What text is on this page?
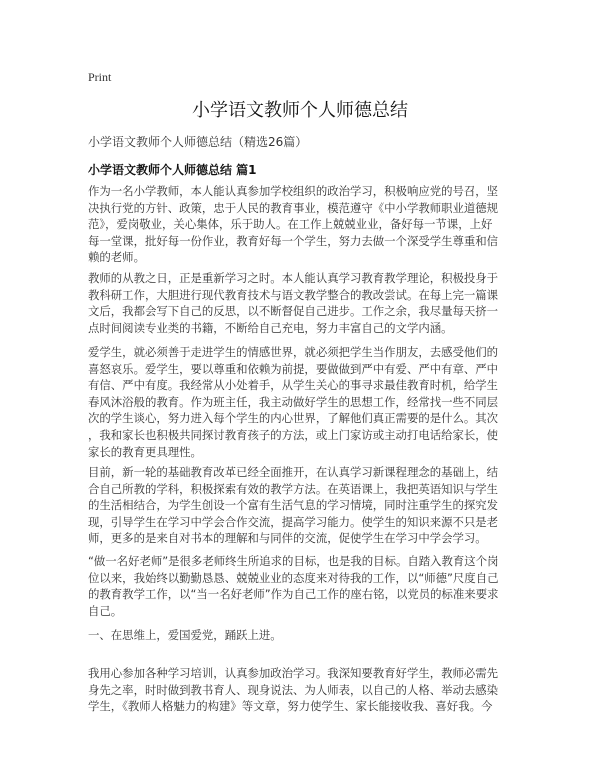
Print
小学语文教师个人师德总结
小学语文教师个人师德总结（精选26篇）
小学语文教师个人师德总结 篇1

作为一名小学教师，本人能认真参加学校组织的政治学习，积极响应党的号召，坚
决执行党的方针、政策，忠于人民的教育事业，模范遵守《中小学教师职业道德规
范》，爱岗敬业，关心集体，乐于助人。在工作上兢兢业业，备好每一节课，上好
每一堂课，批好每一份作业，教育好每一个学生，努力去做一个深受学生尊重和信
赖的老师。

教师的从教之日，正是重新学习之时。本人能认真学习教育教学理论，积极投身于
教科研工作，大胆进行现代教育技术与语文教学整合的教改尝试。在每上完一篇课
文后，我都会写下自己的反思，以不断督促自己进步。工作之余，我尽量每天挤一
点时间阅读专业类的书籍，不断给自己充电，努力丰富自己的文学内涵。

爱学生，就必须善于走进学生的情感世界，就必须把学生当作朋友，去感受他们的
喜怒哀乐。爱学生，要以尊重和依赖为前提，要做做到严中有爱、严中有章、严中
有信、严中有度。我经常从小处着手，从学生关心的事寻求最佳教育时机，给学生
春风沐浴般的教育。作为班主任，我主动做好学生的思想工作，经常找一些不同层
次的学生谈心，努力进入每个学生的内心世界，了解他们真正需要的是什么。其次
，我和家长也积极共同探讨教育孩子的方法，或上门家访或主动打电话给家长，使
家长的教育更具理性。

目前，新一轮的基础教育改革已经全面推开，在认真学习新课程理念的基础上，结
合自己所教的学科，积极探索有效的教学方法。在英语课上，我把英语知识与学生
的生活相结合，为学生创设一个富有生活气息的学习情境，同时注重学生的探究发
现，引导学生在学习中学会合作交流，提高学习能力。使学生的知识来源不只是老
师，更多的是来自对书本的理解和与同伴的交流，促使学生在学习中学会学习。

“做一名好老师”是很多老师终生所追求的目标，也是我的目标。自踏入教育这个岗
位以来，我始终以勤勤恳恳、兢兢业业的态度来对待我的工作，以“师德”尺度自己
的教育教学工作，以“当一名好老师”作为自己工作的座右铭，以党员的标准来要求
自己。

一、在思维上，爱国爱党，踊跃上进。

我用心参加各种学习培训，认真参加政治学习。我深知要教育好学生，教师必需先
身先之率，时时做到教书育人、现身说法、为人师表，以自己的人格、举动去感染
学生，《教师人格魅力的构建》等文章，努力使学生、家长能接收我、喜好我。今
